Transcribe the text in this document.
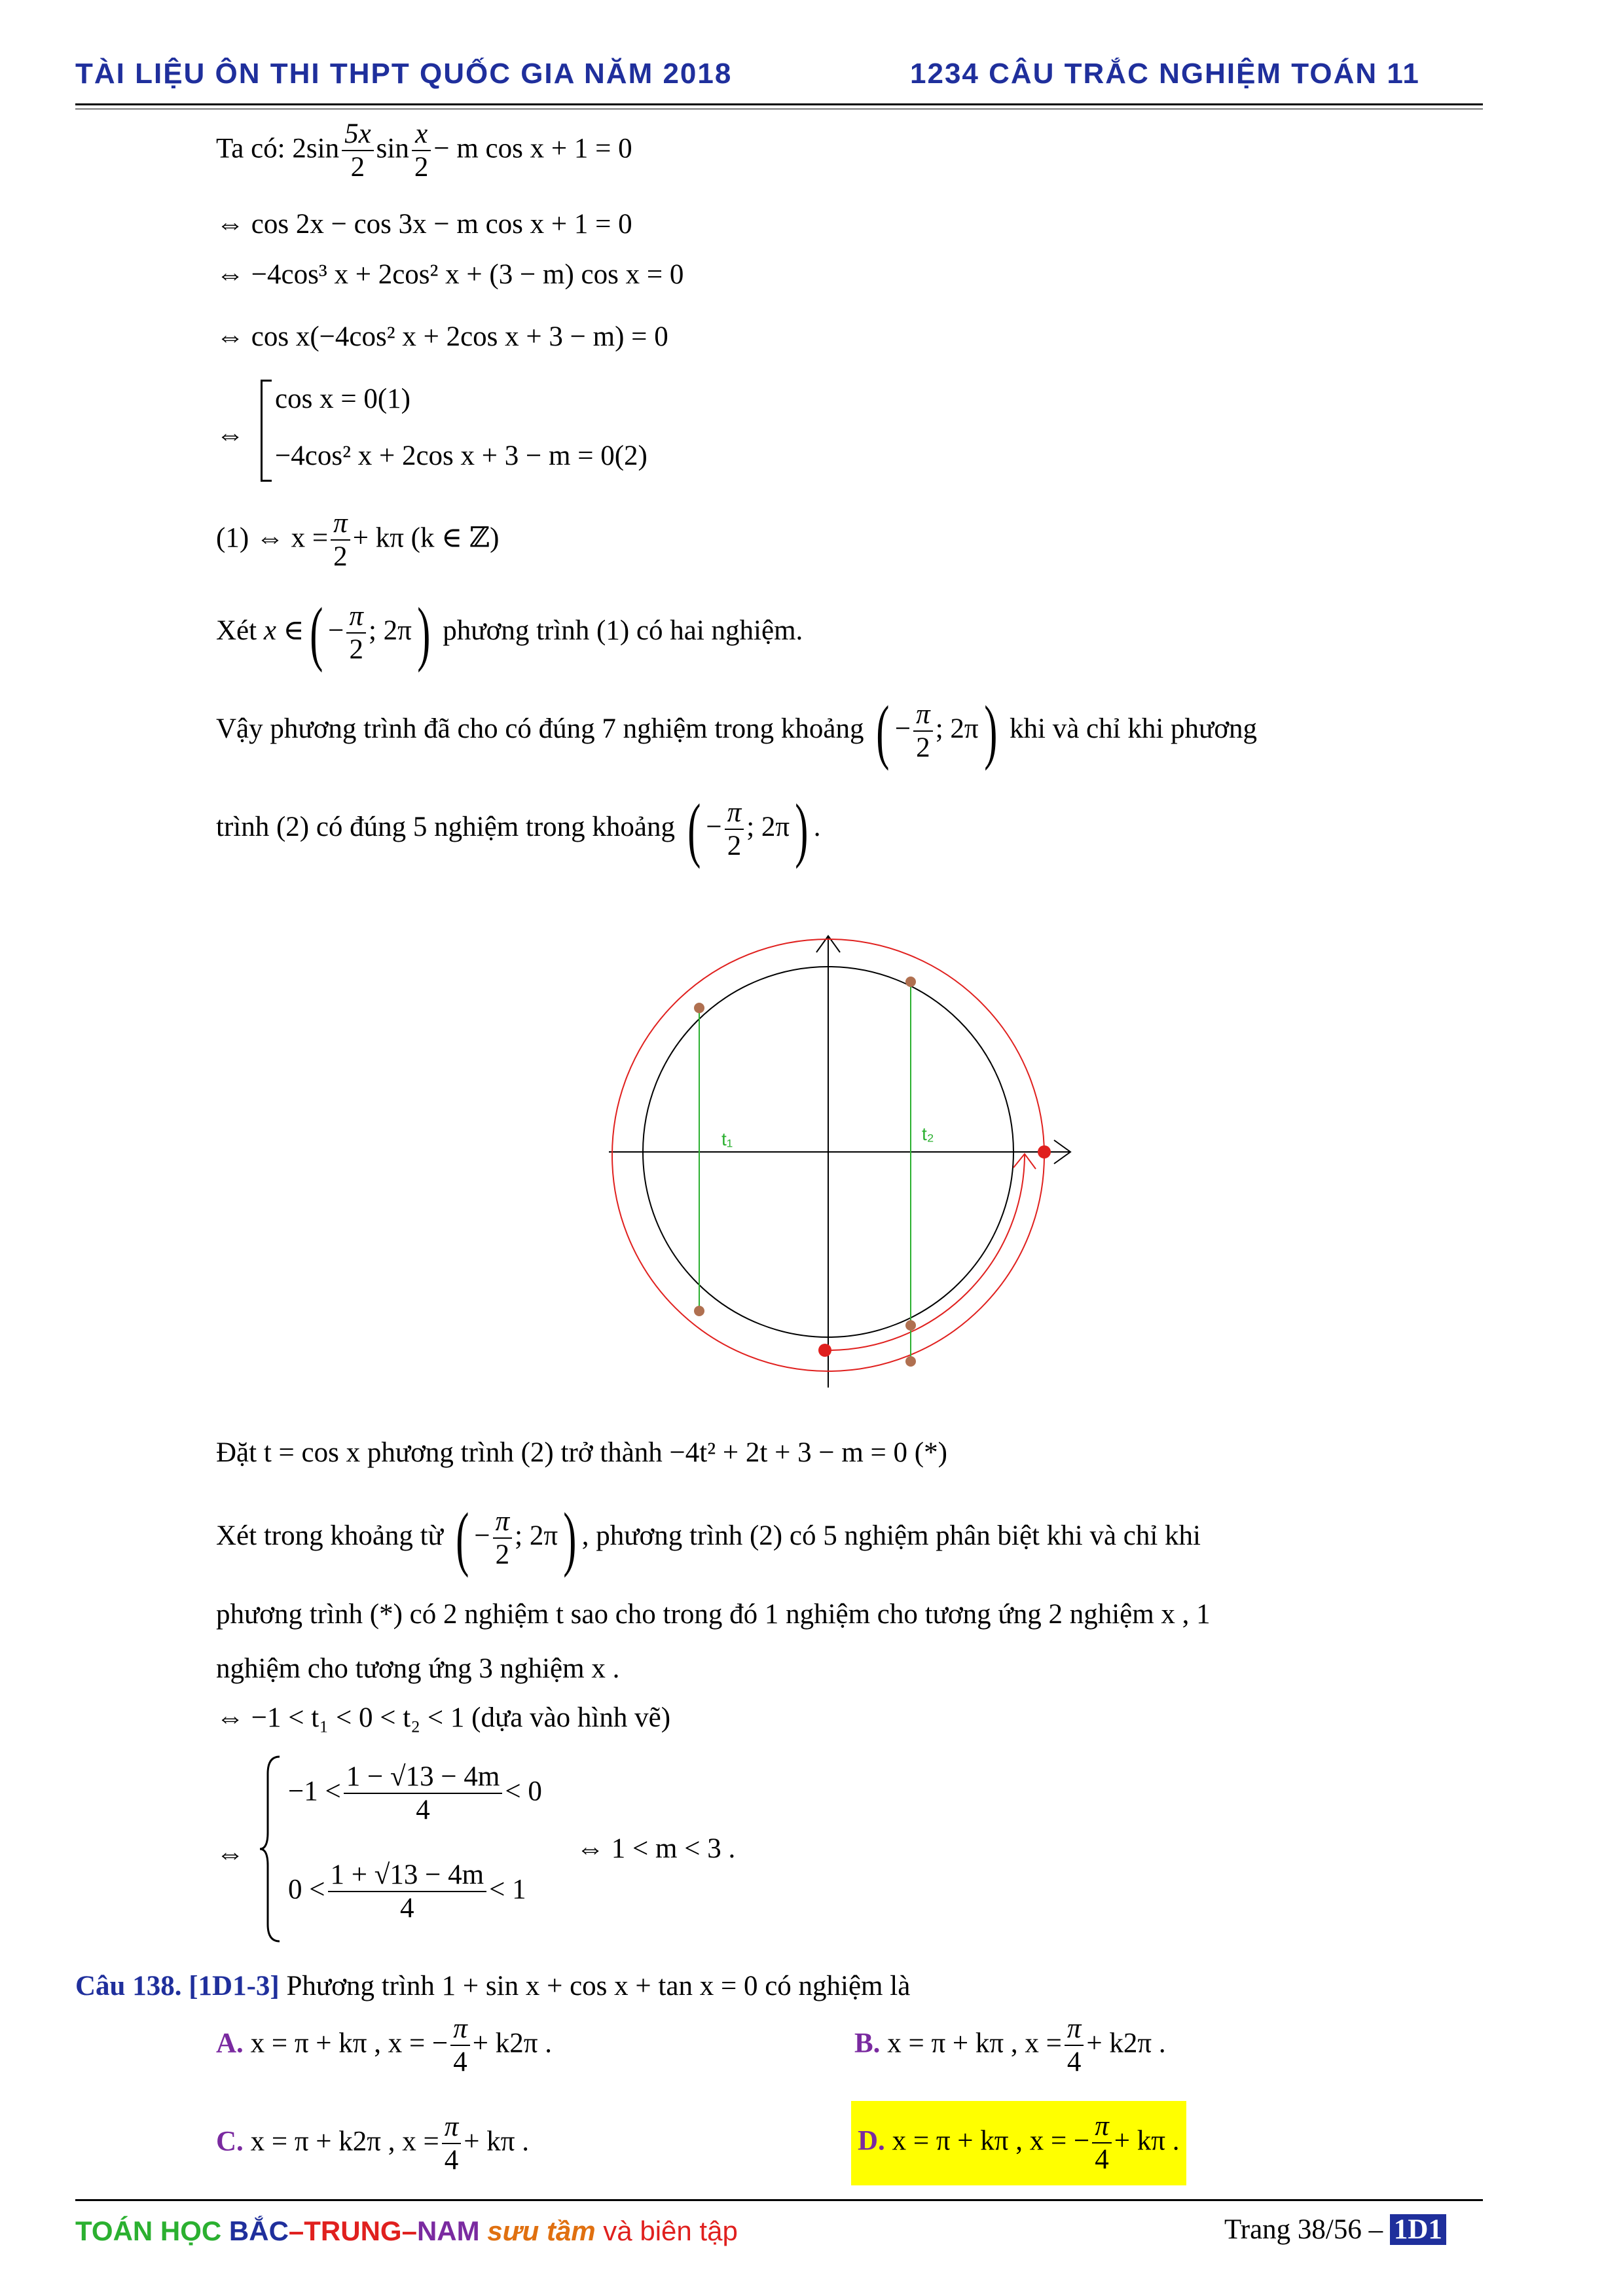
TÀI LIỆU ÔN THI THPT QUỐC GIA NĂM 2018	1234 CÂU TRẮC NGHIỆM TOÁN 11
Ta có: $2\sin \frac{5x}{2}$ $\sin \frac{x}{2} - m$ cos x + 1 = 0
⇔ cos 2x − cos 3x − m cos x + 1 = 0
⇔ −4cos³ x + 2cos² x + (3 − m) cos x = 0
⇔ cos x(−4cos² x + 2cos x + 3 − m) = 0
⇔
cos x = 0(1)
−4cos² x + 2cos x + 3 − m = 0(2)
(1) ⇔ $x = \frac{\pi}{2} + k\pi$ (k ∈ ℤ)
Xét x ∈( − $\frac{\pi}{2}$ ; 2π) phương trình (1) có hai nghiệm.
Vậy phương trình đã cho có đúng 7 nghiệm trong khoảng ( − $\frac{\pi}{2}$ ; 2π) khi và chỉ khi phương
trình (2) có đúng 5 nghiệm trong khoảng ( − $\frac{\pi}{2}$ ; 2π) .
t₁	t₂
Đặt t = cos x phương trình (2) trở thành −4t² + 2t + 3 − m = 0 (*)
Xét trong khoảng từ ( − $\frac{\pi}{2}$ ; 2π) , phương trình (2) có 5 nghiệm phân biệt khi và chỉ khi
phương trình (*) có 2 nghiệm t sao cho trong đó 1 nghiệm cho tương ứng 2 nghiệm x , 1
nghiệm cho tương ứng 3 nghiệm x .
⇔ −1 < t₁ < 0 < t₂ < 1 (dựa vào hình vẽ)
⇔
$-1 < \frac{1 - √13 - 4m}{4} < 0$
$0 < \frac{1 + √13 - 4m}{4} < 1$
⇔ 1 < m < 3 .
Câu 138. [1D1-3] Phương trình 1 + sin x + cos x + tan x = 0 có nghiệm là
A. x = π + kπ , x = − $\frac{\pi}{4} + k2\pi$ .	B. x = π + kπ , $x = \frac{\pi}{4} + k2\pi$ .
C. x = π + k2π , $x = \frac{\pi}{4} + k\pi$ .	D. x = π + kπ , x = − $\frac{\pi}{4} + k\pi$ .
TOÁN HỌC BẮC–TRUNG–NAM sưu tầm và biên tập	Trang 38/56 – 1D1
